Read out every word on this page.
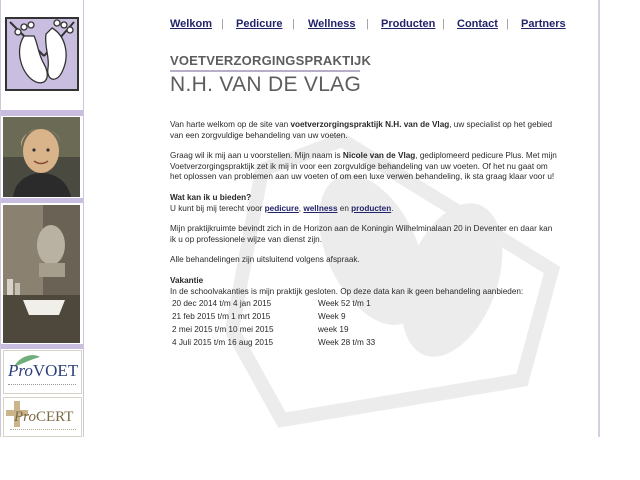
ProVOET
ProCERT
Welkom | Pedicure | Wellness | Producten | Contact | Partners
VOETVERZORGINGSPRAKTIJK
N.H. VAN DE VLAG

Van harte welkom op de site van voetverzorgingspraktijk N.H. van de Vlag, uw specialist op het gebied van een zorgvuldige behandeling van uw voeten.

Graag wil ik mij aan u voorstellen. Mijn naam is Nicole van de Vlag, gediplomeerd pedicure Plus. Met mijn Voetverzorgingspraktijk zet ik mij in voor een zorgvuldige behandeling van uw voeten. Of het nu gaat om het oplossen van problemen aan uw voeten of om een luxe verwen behandeling, ik sta graag klaar voor u!

Wat kan ik u bieden?
U kunt bij mij terecht voor pedicure, wellness en producten.

Mijn praktijkruimte bevindt zich in de Horizon aan de Koningin Wilhelminalaan 20 in Deventer en daar kan ik u op professionele wijze van dienst zijn.

Alle behandelingen zijn uitsluitend volgens afspraak.

Vakantie
In de schoolvakanties is mijn praktijk gesloten. Op deze data kan ik geen behandeling aanbieden:
20 dec 2014 t/m 4 jan 2015	Week 52 t/m 1
21 feb 2015 t/m 1 mrt 2015	Week 9
2 mei 2015 t/m 10 mei 2015	week 19
4 Juli 2015 t/m 16 aug 2015	Week 28 t/m 33
